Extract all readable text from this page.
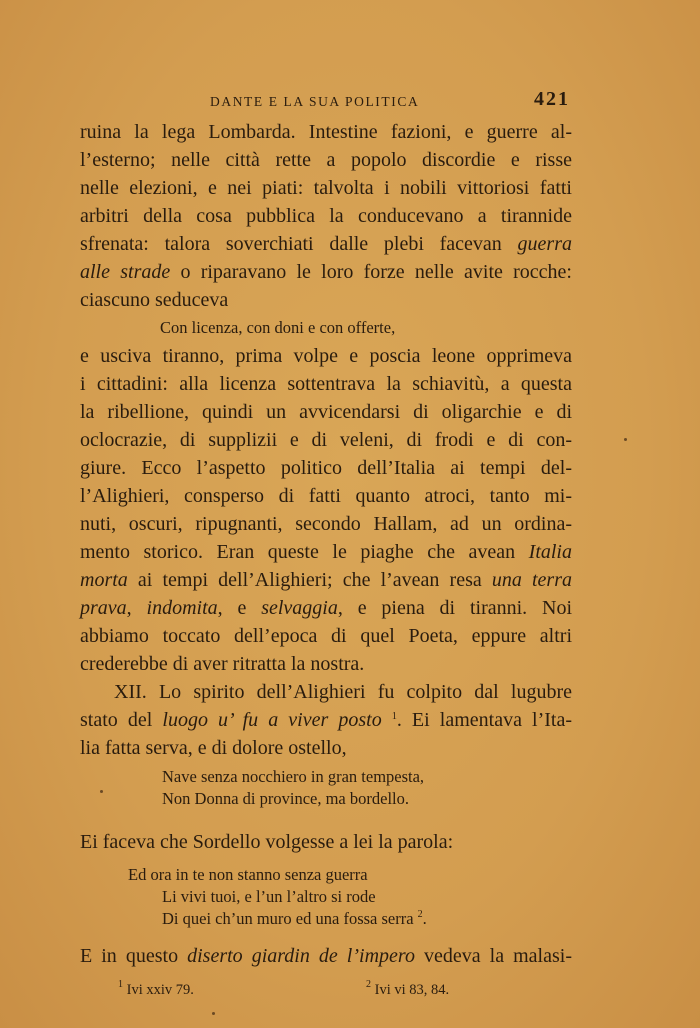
DANTE E LA SUA POLITICA	421
ruina la lega Lombarda. Intestine fazioni, e guerre al-
l’esterno; nelle città rette a popolo discordie e risse
nelle elezioni, e nei piati: talvolta i nobili vittoriosi fatti
arbitri della cosa pubblica la conducevano a tirannide
sfrenata: talora soverchiati dalle plebi facevan guerra
alle strade o riparavano le loro forze nelle avite rocche:
ciascuno seduceva
Con licenza, con doni e con offerte,
e usciva tiranno, prima volpe e poscia leone opprimeva
i cittadini: alla licenza sottentrava la schiavitù, a questa
la ribellione, quindi un avvicendarsi di oligarchie e di
oclocrazie, di supplizii e di veleni, di frodi e di con-
giure. Ecco l’aspetto politico dell’Italia ai tempi del-
l’Alighieri, consperso di fatti quanto atroci, tanto mi-
nuti, oscuri, ripugnanti, secondo Hallam, ad un ordina-
mento storico. Eran queste le piaghe che avean Italia
morta ai tempi dell’Alighieri; che l’avean resa una terra
prava, indomita, e selvaggia, e piena di tiranni. Noi
abbiamo toccato dell’epoca di quel Poeta, eppure altri
crederebbe di aver ritratta la nostra.
XII. Lo spirito dell’Alighieri fu colpito dal lugubre
stato del luogo u’ fu a viver posto $^1$. Ei lamentava l’Ita-
lia fatta serva, e di dolore ostello,
Nave senza nocchiero in gran tempesta,
Non Donna di province, ma bordello.
Ei faceva che Sordello volgesse a lei la parola:
Ed ora in te non stanno senza guerra
Li vivi tuoi, e l’un l’altro si rode
Di quei ch’un muro ed una fossa serra $^2$.
E in questo diserto giardin de l’impero vedeva la malasi-
$^1$ Ivi xxiv 79.	$^2$ Ivi vi 83, 84.
